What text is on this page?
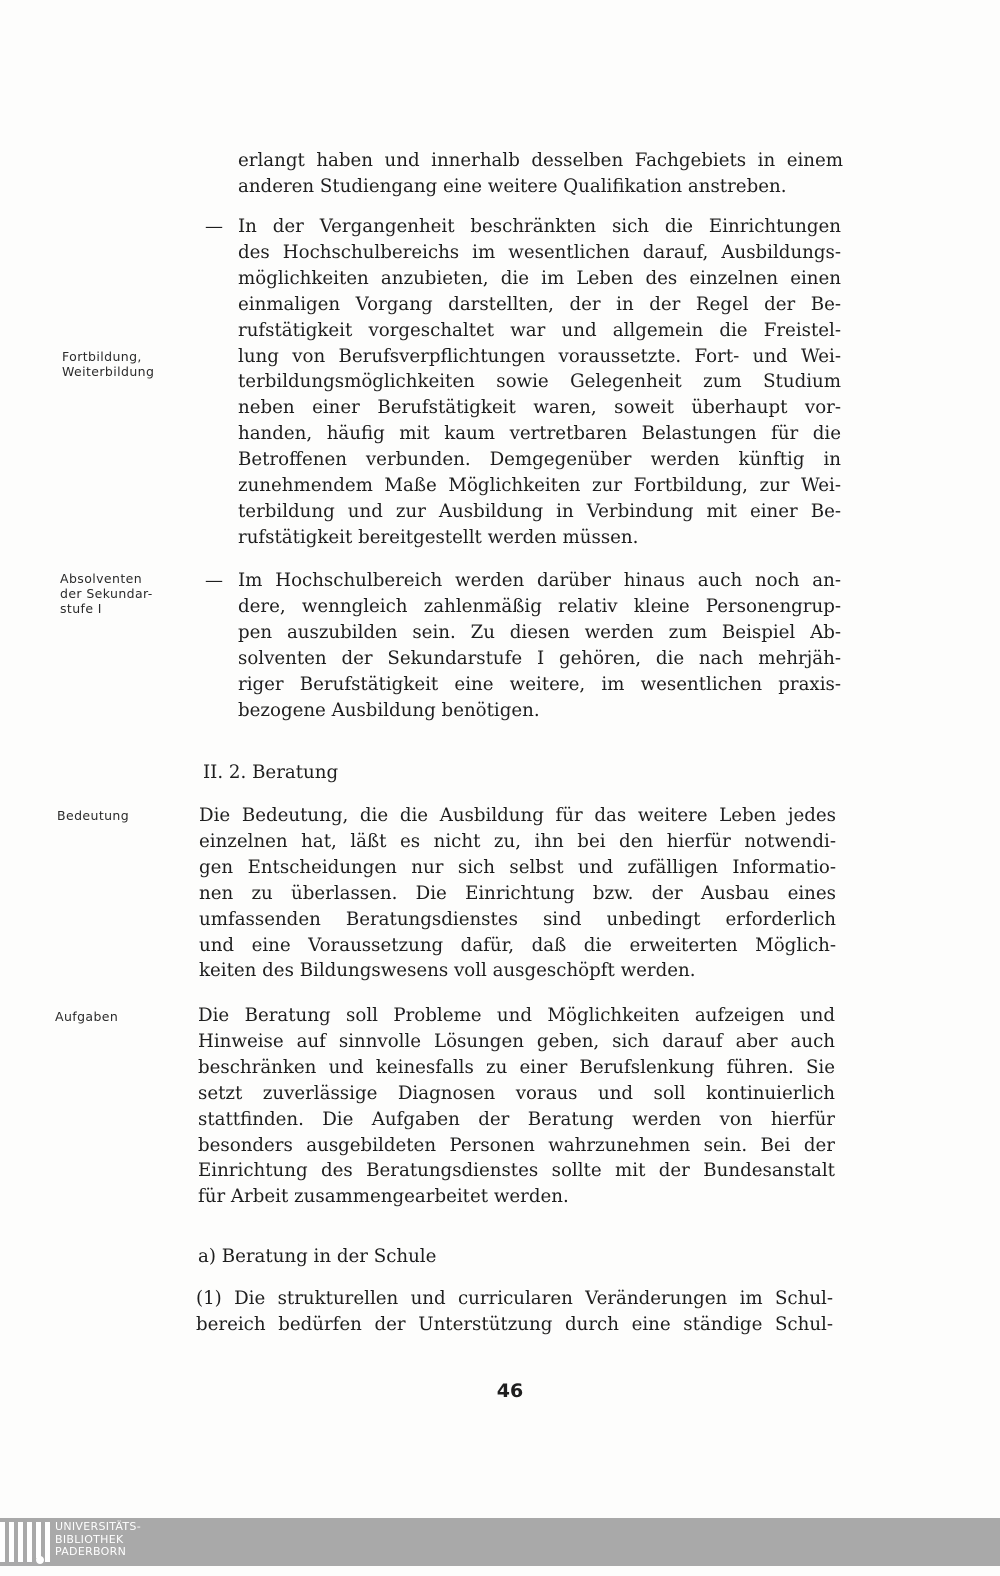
Fortbildung,
Weiterbildung
Absolventen
der Sekundar-
stufe I
Bedeutung
Aufgaben
erlangt haben und innerhalb desselben Fachgebiets in einem
anderen Studiengang eine weitere Qualifikation anstreben.
— In der Vergangenheit beschränkten sich die Einrichtungen
des Hochschulbereichs im wesentlichen darauf, Ausbildungs-
möglichkeiten anzubieten, die im Leben des einzelnen einen
einmaligen Vorgang darstellten, der in der Regel der Be-
rufstätigkeit vorgeschaltet war und allgemein die Freistel-
lung von Berufsverpflichtungen voraussetzte. Fort- und Wei-
terbildungsmöglichkeiten sowie Gelegenheit zum Studium
neben einer Berufstätigkeit waren, soweit überhaupt vor-
handen, häufig mit kaum vertretbaren Belastungen für die
Betroffenen verbunden. Demgegenüber werden künftig in
zunehmendem Maße Möglichkeiten zur Fortbildung, zur Wei-
terbildung und zur Ausbildung in Verbindung mit einer Be-
rufstätigkeit bereitgestellt werden müssen.
— Im Hochschulbereich werden darüber hinaus auch noch an-
dere, wenngleich zahlenmäßig relativ kleine Personengrup-
pen auszubilden sein. Zu diesen werden zum Beispiel Ab-
solventen der Sekundarstufe I gehören, die nach mehrjäh-
riger Berufstätigkeit eine weitere, im wesentlichen praxis-
bezogene Ausbildung benötigen.
II. 2. Beratung
Die Bedeutung, die die Ausbildung für das weitere Leben jedes
einzelnen hat, läßt es nicht zu, ihn bei den hierfür notwendi-
gen Entscheidungen nur sich selbst und zufälligen Informatio-
nen zu überlassen. Die Einrichtung bzw. der Ausbau eines
umfassenden Beratungsdienstes sind unbedingt erforderlich
und eine Voraussetzung dafür, daß die erweiterten Möglich-
keiten des Bildungswesens voll ausgeschöpft werden.
Die Beratung soll Probleme und Möglichkeiten aufzeigen und
Hinweise auf sinnvolle Lösungen geben, sich darauf aber auch
beschränken und keinesfalls zu einer Berufslenkung führen. Sie
setzt zuverlässige Diagnosen voraus und soll kontinuierlich
stattfinden. Die Aufgaben der Beratung werden von hierfür
besonders ausgebildeten Personen wahrzunehmen sein. Bei der
Einrichtung des Beratungsdienstes sollte mit der Bundesanstalt
für Arbeit zusammengearbeitet werden.
a) Beratung in der Schule
(1) Die strukturellen und curricularen Veränderungen im Schul-
bereich bedürfen der Unterstützung durch eine ständige Schul-
46
UNIVERSITÄTS-
BIBLIOTHEK
PADERBORN
